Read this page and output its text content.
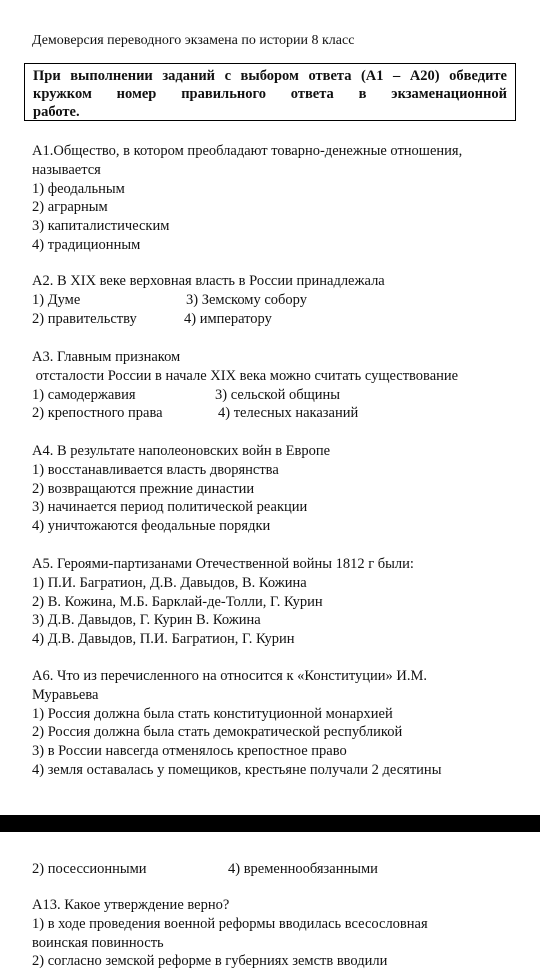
Демоверсия переводного экзамена по истории 8 класс
При выполнении заданий с выбором ответа (А1 – А20) обведите
кружком номер правильного ответа в экзаменационной
работе.
А1.Общество, в котором преобладают товарно-денежные отношения,
называется
1) феодальным
2) аграрным
3) капиталистическим
4) традиционным
А2. В XIX веке верховная власть в России принадлежала
1) Думе	3) Земскому собору
2) правительству	4) императору
А3. Главным признаком
отсталости России в начале XIX века можно считать существование
1) самодержавия	3) сельской общины
2) крепостного права	4) телесных наказаний
А4. В результате наполеоновских войн в Европе
1) восстанавливается власть дворянства
2) возвращаются прежние династии
3) начинается период политической реакции
4) уничтожаются феодальные порядки
А5. Героями-партизанами Отечественной войны 1812 г были:
1) П.И. Багратион, Д.В. Давыдов, В. Кожина
2) В. Кожина, М.Б. Барклай-де-Толли, Г. Курин
3) Д.В. Давыдов, Г. Курин В. Кожина
4) Д.В. Давыдов, П.И. Багратион, Г. Курин
А6. Что из перечисленного на относится к «Конституции» И.М.
Муравьева
1) Россия должна была стать конституционной монархией
2) Россия должна была стать демократической республикой
3) в России навсегда отменялось крепостное право
4) земля оставалась у помещиков, крестьяне получали 2 десятины
2) посессионными	4) временнообязанными
А13. Какое утверждение верно?
1) в ходе проведения военной реформы вводилась всесословная
воинская повинность
2) согласно земской реформе в губерниях земств вводили
